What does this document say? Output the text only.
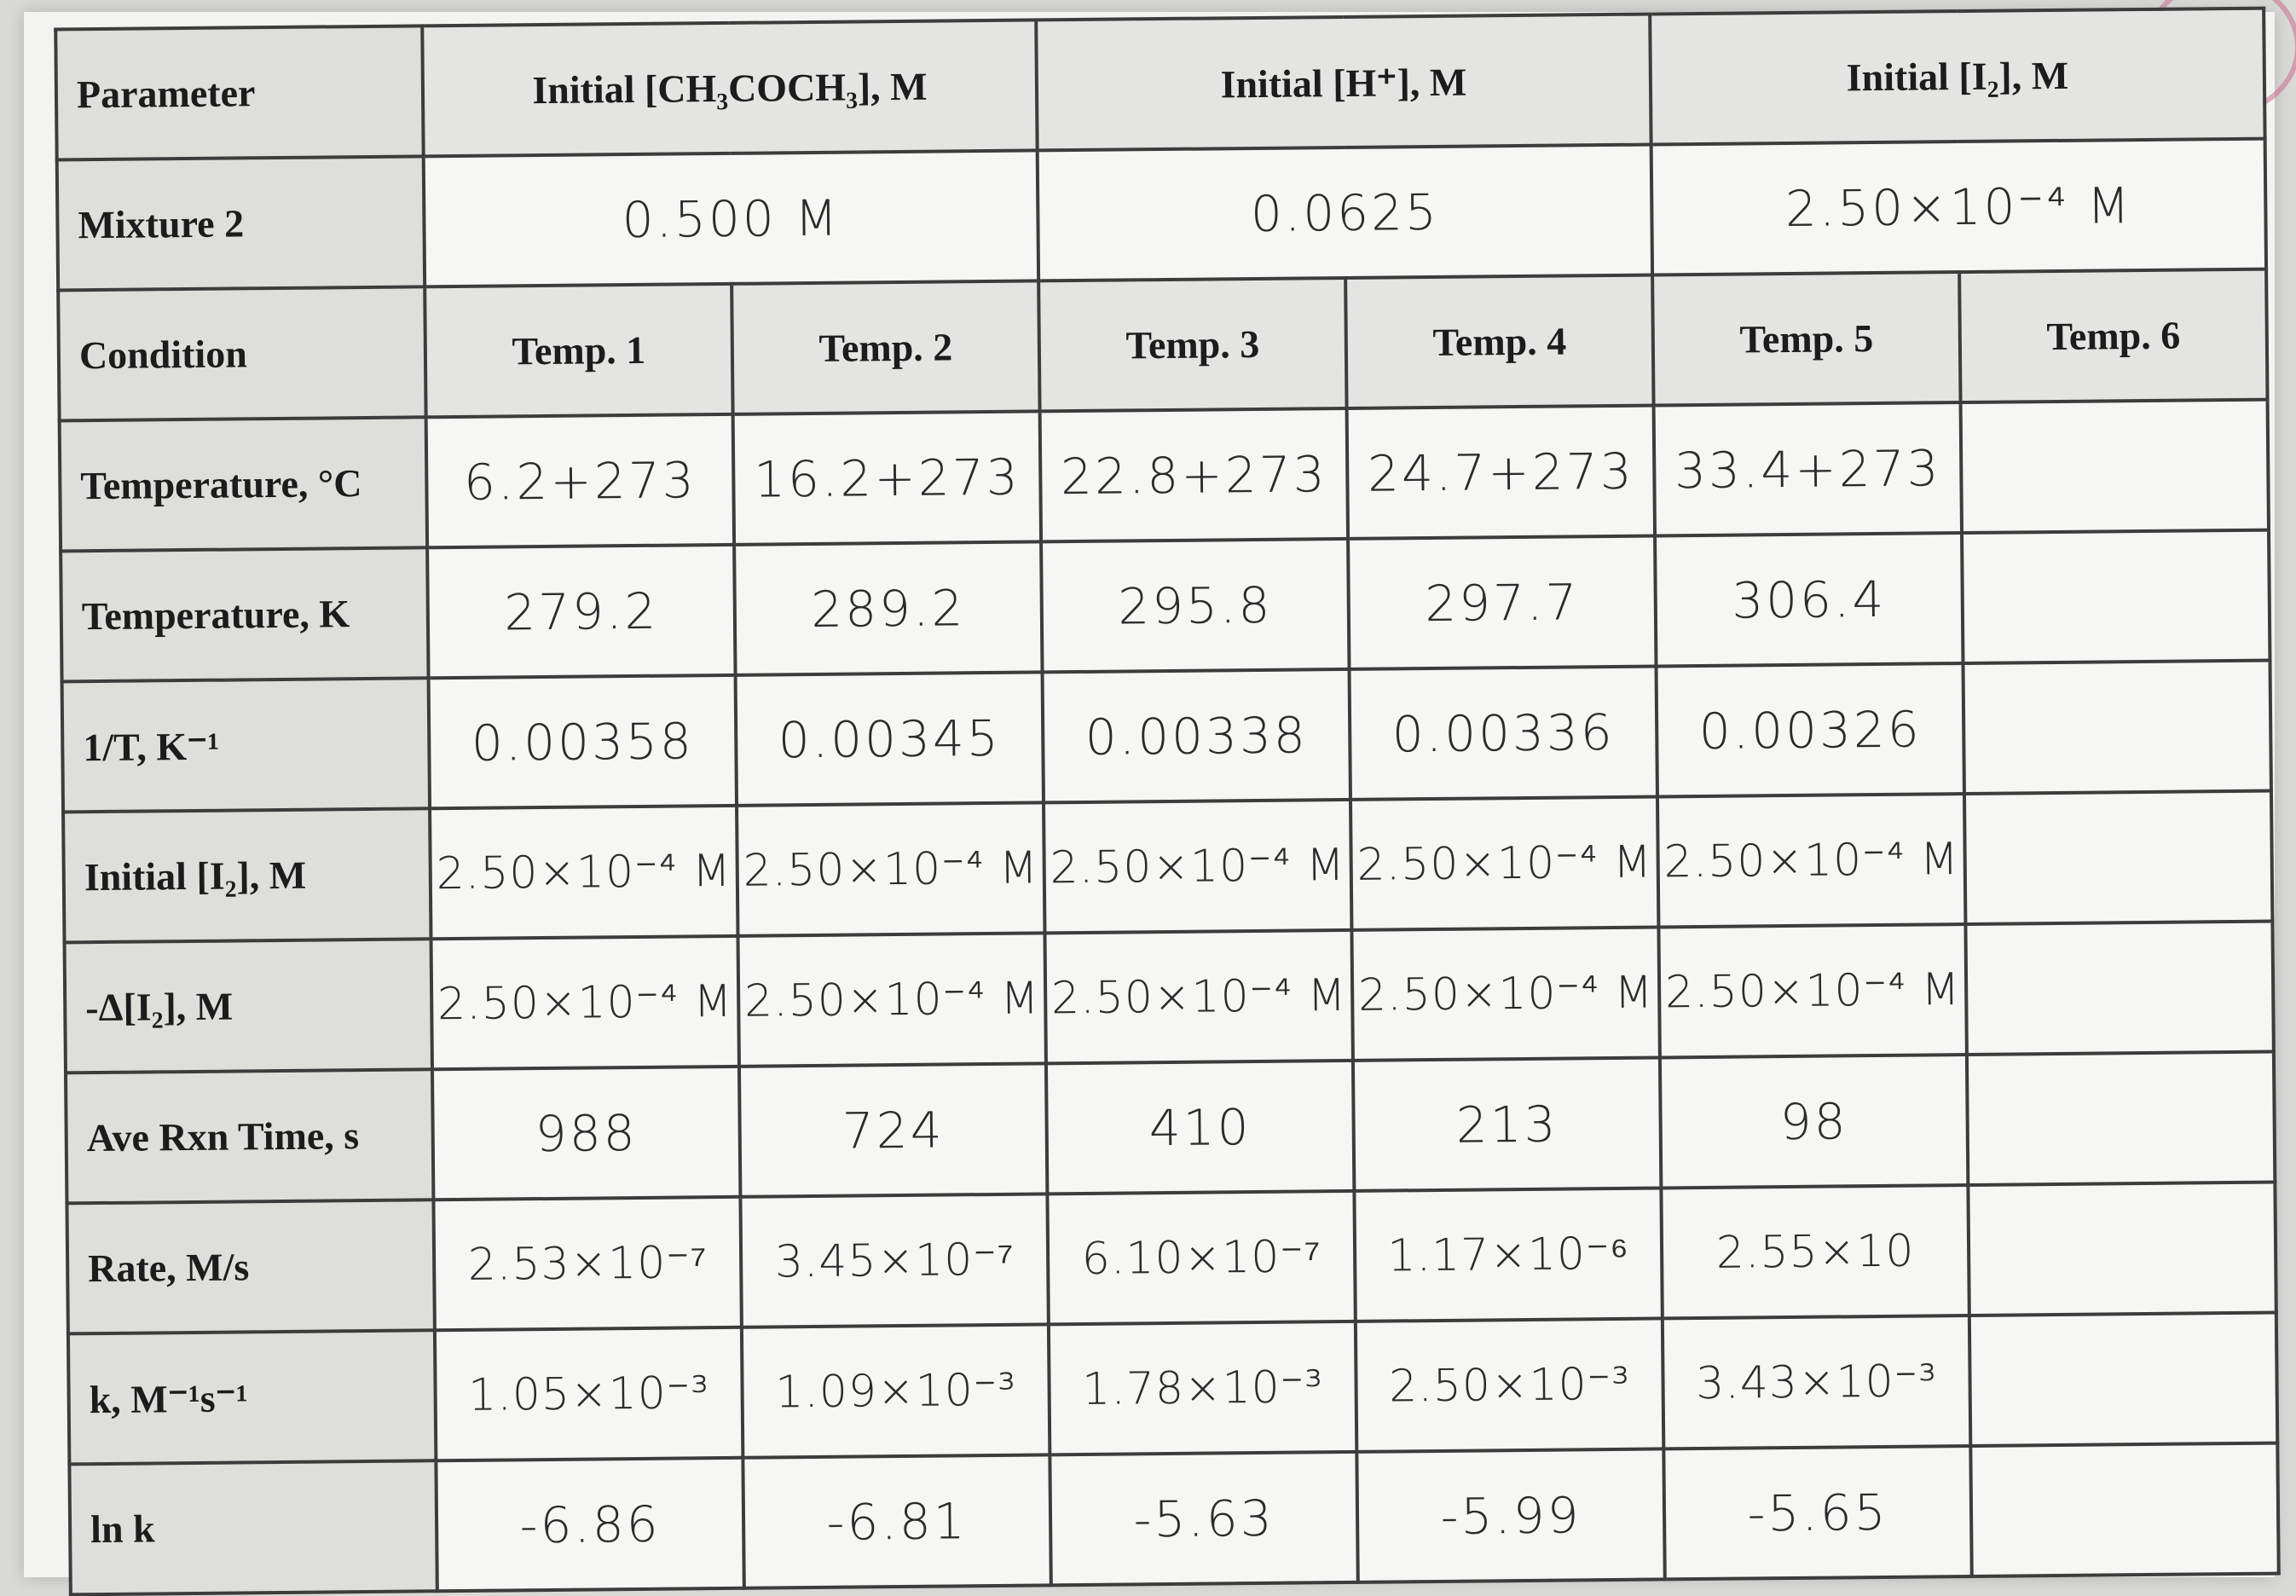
Parameter	Initial [CH₃COCH₃], M		Initial [H⁺], M		Initial [I₂], M	
Mixture 2	0.500 M		0.0625		2.50×10⁻⁴ M	
Condition	Temp. 1	Temp. 2	Temp. 3	Temp. 4	Temp. 5	Temp. 6
Temperature, °C	6.2+273	16.2+273	22.8+273	24.7+273	33.4+273	
Temperature, K	279.2	289.2	295.8	297.7	306.4	
1/T, K⁻¹	0.00358	0.00345	0.00338	0.00336	0.00326	
Initial [I₂], M	2.50×10⁻⁴ M	2.50×10⁻⁴ M	2.50×10⁻⁴ M	2.50×10⁻⁴ M	2.50×10⁻⁴ M	
-Δ[I₂], M	2.50×10⁻⁴ M	2.50×10⁻⁴ M	2.50×10⁻⁴ M	2.50×10⁻⁴ M	2.50×10⁻⁴ M	
Ave Rxn Time, s	988	724	410	213	98	
Rate, M/s	2.53×10⁻⁷	3.45×10⁻⁷	6.10×10⁻⁷	1.17×10⁻⁶	2.55×10	
k, M⁻¹s⁻¹	1.05×10⁻³	1.09×10⁻³	1.78×10⁻³	2.50×10⁻³	3.43×10⁻³	
ln k	-6.86	-6.81	-5.63	-5.99	-5.65	
